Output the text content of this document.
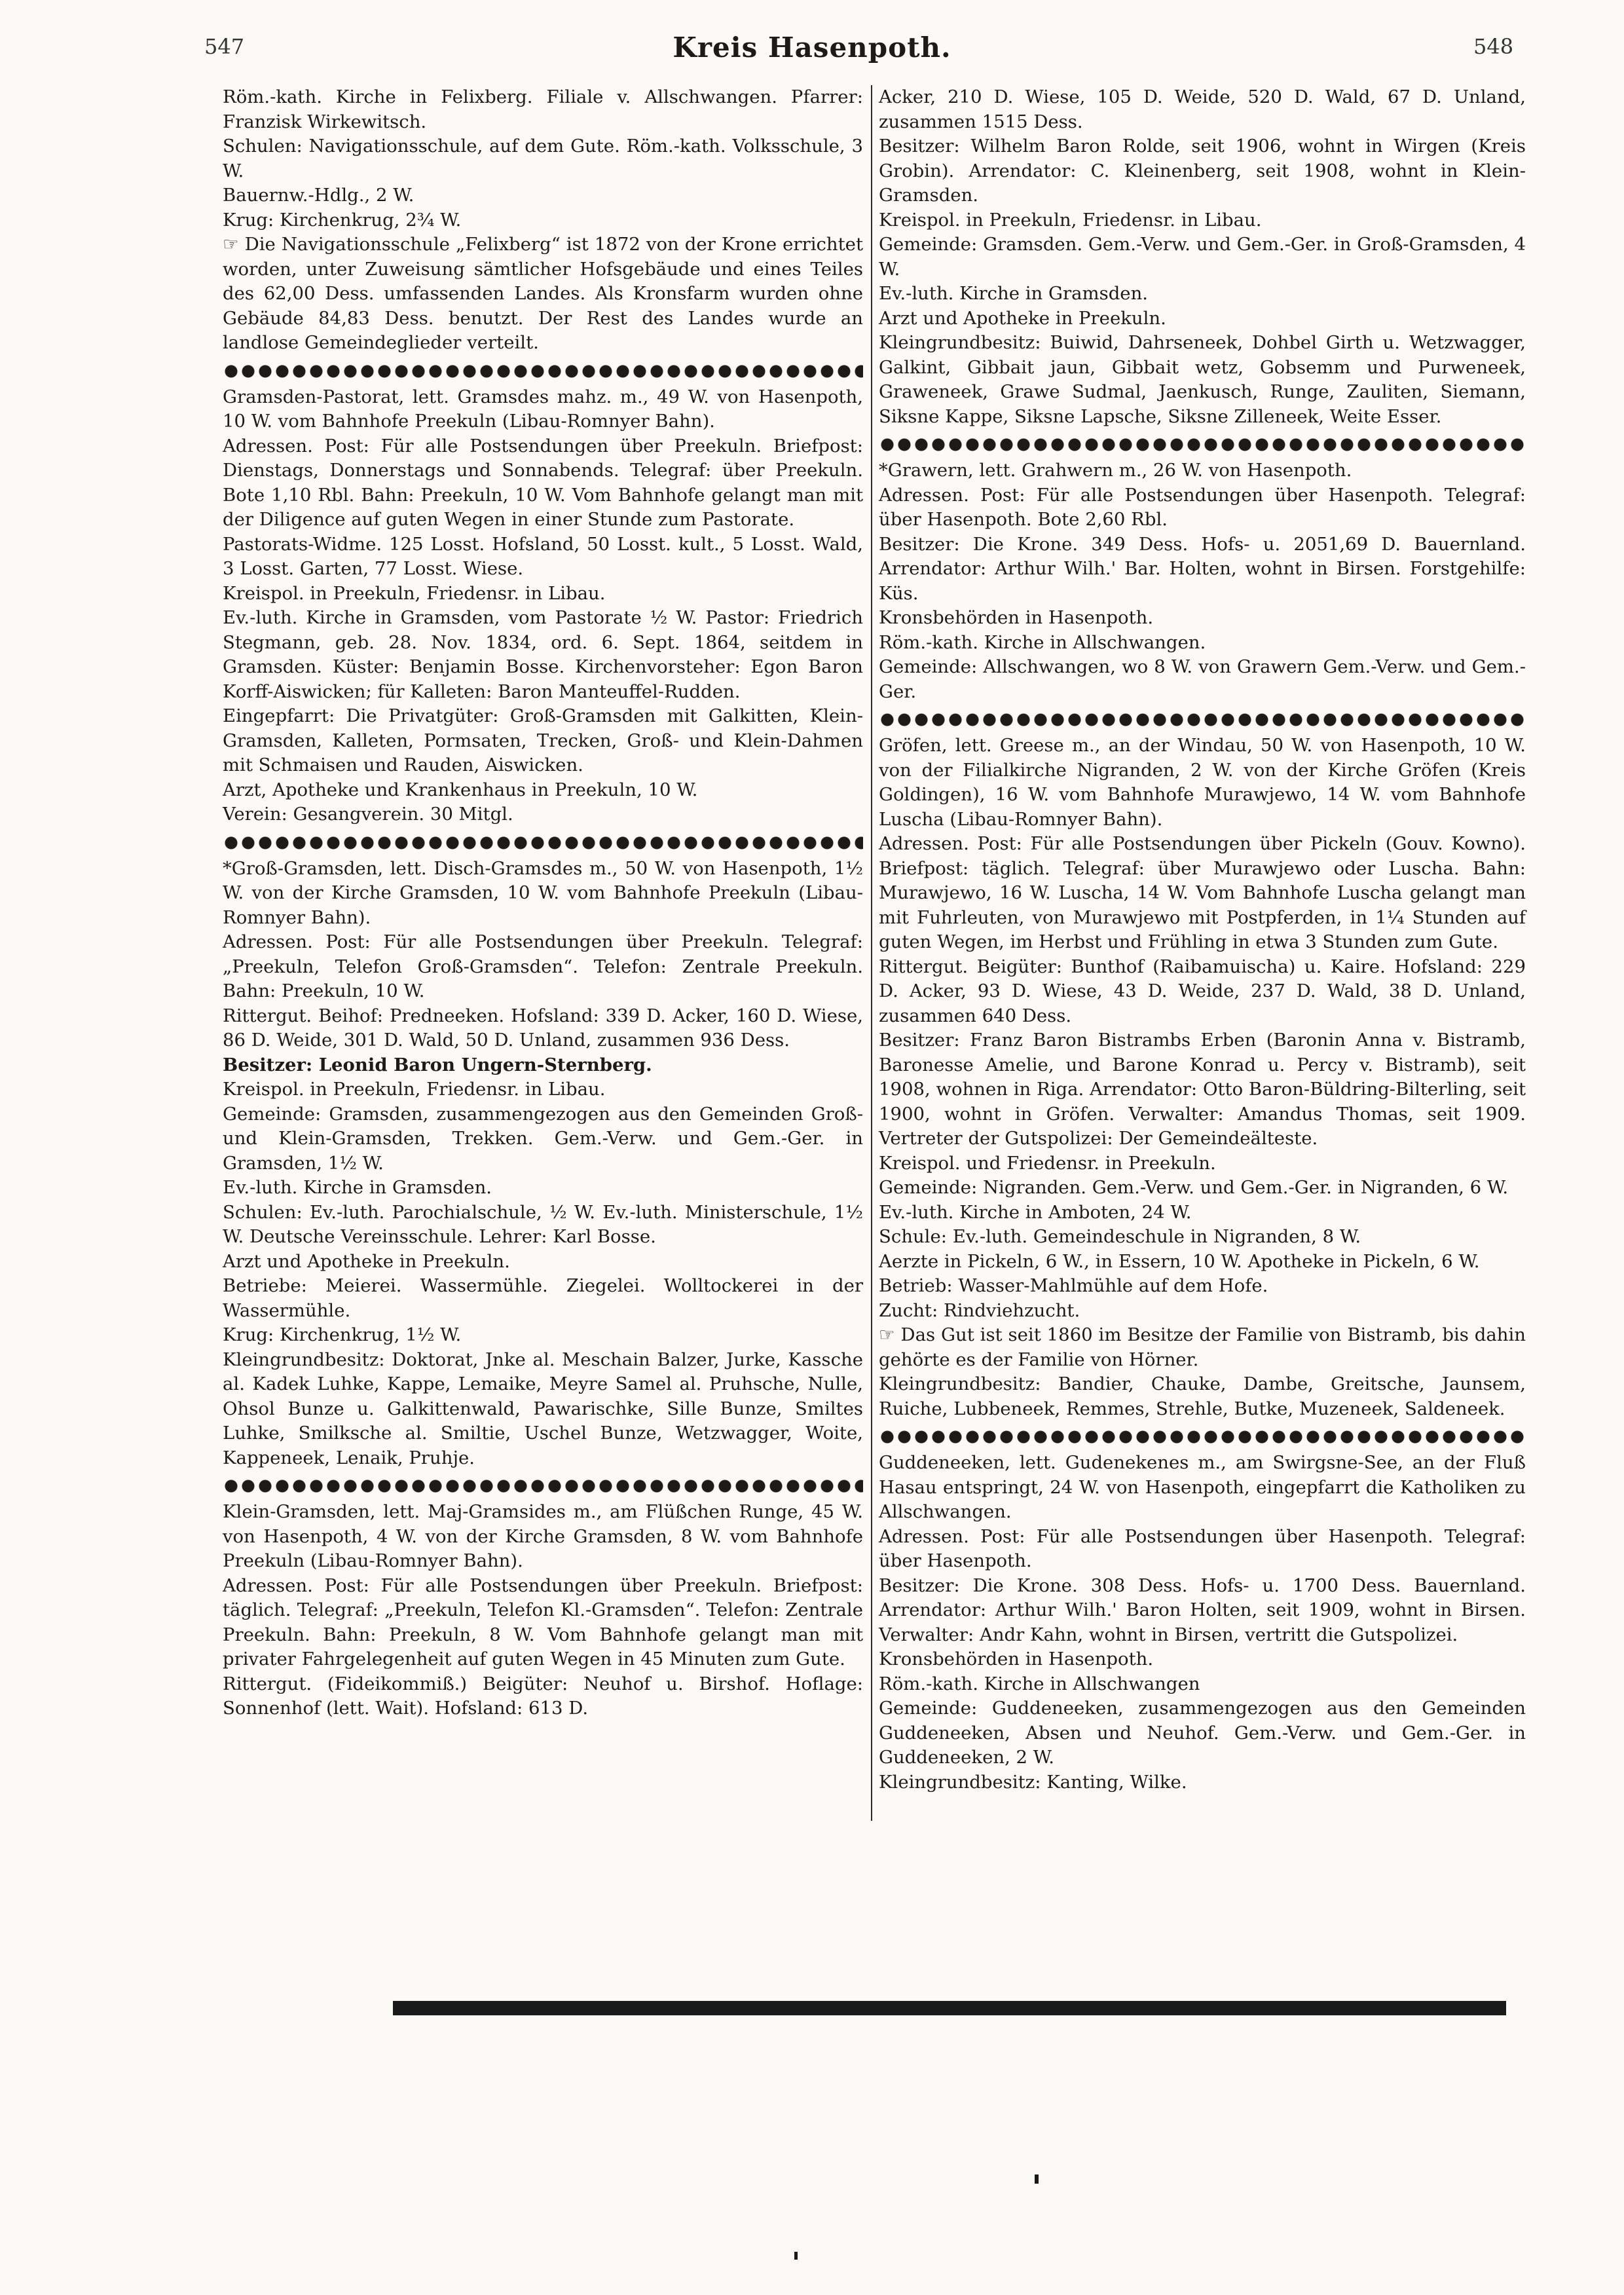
547	Kreis Hasenpoth.	548

Röm.-kath. Kirche in Felixberg. Filiale v. Allschwangen. Pfarrer: Franzisk Wirkewitsch.

Schulen: Navigationsschule, auf dem Gute. Röm.-kath. Volksschule, 3 W.

Bauernw.-Hdlg., 2 W.

Krug: Kirchenkrug, 2¾ W.

☞ Die Navigationsschule „Felixberg“ ist 1872 von der Krone errichtet worden, unter Zuweisung sämtlicher Hofsgebäude und eines Teiles des 62,00 Dess. umfassenden Landes. Als Kronsfarm wurden ohne Gebäude 84,83 Dess. benutzt. Der Rest des Landes wurde an landlose Gemeindeglieder verteilt.

Gramsden-Pastorat, lett. Gramsdes mahz. m., 49 W. von Hasenpoth, 10 W. vom Bahnhofe Preekuln (Libau-Romnyer Bahn).

Adressen. Post: Für alle Postsendungen über Preekuln. Briefpost: Dienstags, Donnerstags und Sonnabends. Telegraf: über Preekuln. Bote 1,10 Rbl. Bahn: Preekuln, 10 W. Vom Bahnhofe gelangt man mit der Diligence auf guten Wegen in einer Stunde zum Pastorate.

Pastorats-Widme. 125 Losst. Hofsland, 50 Losst. kult., 5 Losst. Wald, 3 Losst. Garten, 77 Losst. Wiese.

Kreispol. in Preekuln, Friedensr. in Libau.

Ev.-luth. Kirche in Gramsden, vom Pastorate ½ W. Pastor: Friedrich Stegmann, geb. 28. Nov. 1834, ord. 6. Sept. 1864, seitdem in Gramsden. Küster: Benjamin Bosse. Kirchenvorsteher: Egon Baron Korff-Aiswicken; für Kalleten: Baron Manteuffel-Rudden.

Eingepfarrt: Die Privatgüter: Groß-Gramsden mit Galkitten, Klein-Gramsden, Kalleten, Pormsaten, Trecken, Groß- und Klein-Dahmen mit Schmaisen und Rauden, Aiswicken.

Arzt, Apotheke und Krankenhaus in Preekuln, 10 W.

Verein: Gesangverein. 30 Mitgl.

*Groß-Gramsden, lett. Disch-Gramsdes m., 50 W. von Hasenpoth, 1½ W. von der Kirche Gramsden, 10 W. vom Bahnhofe Preekuln (Libau-Romnyer Bahn).

Adressen. Post: Für alle Postsendungen über Preekuln. Telegraf: „Preekuln, Telefon Groß-Gramsden“. Telefon: Zentrale Preekuln. Bahn: Preekuln, 10 W.

Rittergut. Beihof: Predneeken. Hofsland: 339 D. Acker, 160 D. Wiese, 86 D. Weide, 301 D. Wald, 50 D. Unland, zusammen 936 Dess.

Besitzer: Leonid Baron Ungern-Sternberg.

Kreispol. in Preekuln, Friedensr. in Libau.

Gemeinde: Gramsden, zusammengezogen aus den Gemeinden Groß- und Klein-Gramsden, Trekken. Gem.-Verw. und Gem.-Ger. in Gramsden, 1½ W.

Ev.-luth. Kirche in Gramsden.

Schulen: Ev.-luth. Parochialschule, ½ W. Ev.-luth. Ministerschule, 1½ W. Deutsche Vereinsschule. Lehrer: Karl Bosse.

Arzt und Apotheke in Preekuln.

Betriebe: Meierei. Wassermühle. Ziegelei. Wolltockerei in der Wassermühle.

Krug: Kirchenkrug, 1½ W.

Kleingrundbesitz: Doktorat, Jnke al. Meschain Balzer, Jurke, Kassche al. Kadek Luhke, Kappe, Lemaike, Meyre Samel al. Pruhsche, Nulle, Ohsol Bunze u. Galkittenwald, Pawarischke, Sille Bunze, Smiltes Luhke, Smilksche al. Smiltie, Uschel Bunze, Wetzwagger, Woite, Kappeneek, Lenaik, Pruhje.

Klein-Gramsden, lett. Maj-Gramsides m., am Flüßchen Runge, 45 W. von Hasenpoth, 4 W. von der Kirche Gramsden, 8 W. vom Bahnhofe Preekuln (Libau-Romnyer Bahn).

Adressen. Post: Für alle Postsendungen über Preekuln. Briefpost: täglich. Telegraf: „Preekuln, Telefon Kl.-Gramsden“. Telefon: Zentrale Preekuln. Bahn: Preekuln, 8 W. Vom Bahnhofe gelangt man mit privater Fahrgelegenheit auf guten Wegen in 45 Minuten zum Gute.

Rittergut. (Fideikommiß.) Beigüter: Neuhof u. Birshof. Hoflage: Sonnenhof (lett. Wait). Hofsland: 613 D.

Acker, 210 D. Wiese, 105 D. Weide, 520 D. Wald, 67 D. Unland, zusammen 1515 Dess.

Besitzer: Wilhelm Baron Rolde, seit 1906, wohnt in Wirgen (Kreis Grobin). Arrendator: C. Kleinenberg, seit 1908, wohnt in Klein-Gramsden.

Kreispol. in Preekuln, Friedensr. in Libau.

Gemeinde: Gramsden. Gem.-Verw. und Gem.-Ger. in Groß-Gramsden, 4 W.

Ev.-luth. Kirche in Gramsden.

Arzt und Apotheke in Preekuln.

Kleingrundbesitz: Buiwid, Dahrseneek, Dohbel Girth u. Wetzwagger, Galkint, Gibbait jaun, Gibbait wetz, Gobsemm und Purweneek, Graweneek, Grawe Sudmal, Jaenkusch, Runge, Zauliten, Siemann, Siksne Kappe, Siksne Lapsche, Siksne Zilleneek, Weite Esser.

*Grawern, lett. Grahwern m., 26 W. von Hasenpoth.

Adressen. Post: Für alle Postsendungen über Hasenpoth. Telegraf: über Hasenpoth. Bote 2,60 Rbl.

Besitzer: Die Krone. 349 Dess. Hofs- u. 2051,69 D. Bauernland. Arrendator: Arthur Wilh.' Bar. Holten, wohnt in Birsen. Forstgehilfe: Küs.

Kronsbehörden in Hasenpoth.

Röm.-kath. Kirche in Allschwangen.

Gemeinde: Allschwangen, wo 8 W. von Grawern Gem.-Verw. und Gem.-Ger.

Gröfen, lett. Greese m., an der Windau, 50 W. von Hasenpoth, 10 W. von der Filialkirche Nigranden, 2 W. von der Kirche Gröfen (Kreis Goldingen), 16 W. vom Bahnhofe Murawjewo, 14 W. vom Bahnhofe Luscha (Libau-Romnyer Bahn).

Adressen. Post: Für alle Postsendungen über Pickeln (Gouv. Kowno). Briefpost: täglich. Telegraf: über Murawjewo oder Luscha. Bahn: Murawjewo, 16 W. Luscha, 14 W. Vom Bahnhofe Luscha gelangt man mit Fuhrleuten, von Murawjewo mit Postpferden, in 1¼ Stunden auf guten Wegen, im Herbst und Frühling in etwa 3 Stunden zum Gute.

Rittergut. Beigüter: Bunthof (Raibamuischa) u. Kaire. Hofsland: 229 D. Acker, 93 D. Wiese, 43 D. Weide, 237 D. Wald, 38 D. Unland, zusammen 640 Dess.

Besitzer: Franz Baron Bistrambs Erben (Baronin Anna v. Bistramb, Baronesse Amelie, und Barone Konrad u. Percy v. Bistramb), seit 1908, wohnen in Riga. Arrendator: Otto Baron-Büldring-Bilterling, seit 1900, wohnt in Gröfen. Verwalter: Amandus Thomas, seit 1909. Vertreter der Gutspolizei: Der Gemeindeälteste.

Kreispol. und Friedensr. in Preekuln.

Gemeinde: Nigranden. Gem.-Verw. und Gem.-Ger. in Nigranden, 6 W.

Ev.-luth. Kirche in Amboten, 24 W.

Schule: Ev.-luth. Gemeindeschule in Nigranden, 8 W.

Aerzte in Pickeln, 6 W., in Essern, 10 W. Apotheke in Pickeln, 6 W.

Betrieb: Wasser-Mahlmühle auf dem Hofe.

Zucht: Rindviehzucht.

☞ Das Gut ist seit 1860 im Besitze der Familie von Bistramb, bis dahin gehörte es der Familie von Hörner.

Kleingrundbesitz: Bandier, Chauke, Dambe, Greitsche, Jaunsem, Ruiche, Lubbeneek, Remmes, Strehle, Butke, Muzeneek, Saldeneek.

Guddeneeken, lett. Gudenekenes m., am Swirgsne-See, an der Fluß Hasau entspringt, 24 W. von Hasenpoth, eingepfarrt die Katholiken zu Allschwangen.

Adressen. Post: Für alle Postsendungen über Hasenpoth. Telegraf: über Hasenpoth.

Besitzer: Die Krone. 308 Dess. Hofs- u. 1700 Dess. Bauernland. Arrendator: Arthur Wilh.' Baron Holten, seit 1909, wohnt in Birsen. Verwalter: Andr Kahn, wohnt in Birsen, vertritt die Gutspolizei.

Kronsbehörden in Hasenpoth.

Röm.-kath. Kirche in Allschwangen

Gemeinde: Guddeneeken, zusammengezogen aus den Gemeinden Guddeneeken, Absen und Neuhof. Gem.-Verw. und Gem.-Ger. in Guddeneeken, 2 W.

Kleingrundbesitz: Kanting, Wilke.
